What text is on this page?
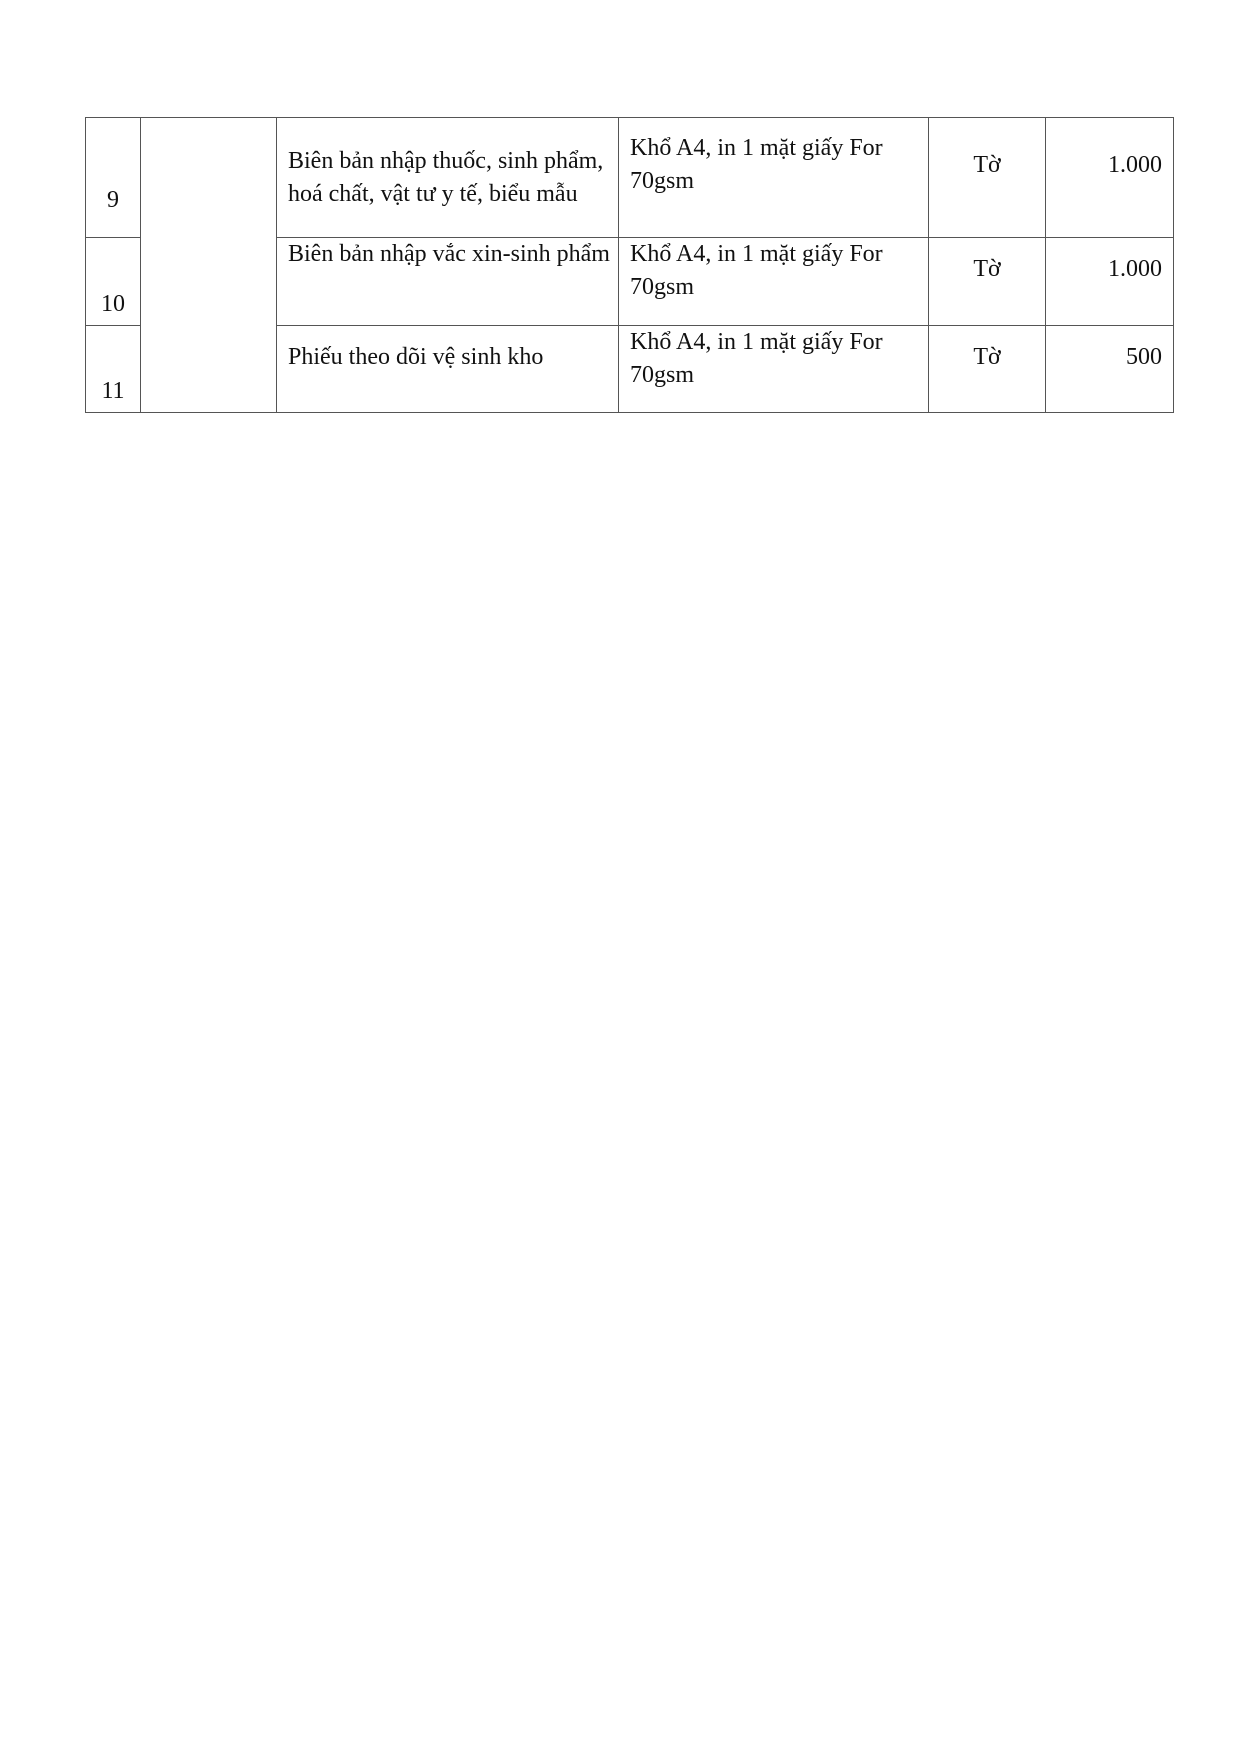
9		Biên bản nhập thuốc, sinh phẩm, hoá chất, vật tư y tế, biểu mẫu	Khổ A4, in 1 mặt giấy For 70gsm	Tờ	1.000
10		Biên bản nhập vắc xin-sinh phẩm	Khổ A4, in 1 mặt giấy For 70gsm	Tờ	1.000
11		Phiếu theo dõi vệ sinh kho	Khổ A4, in 1 mặt giấy For 70gsm	Tờ	500
